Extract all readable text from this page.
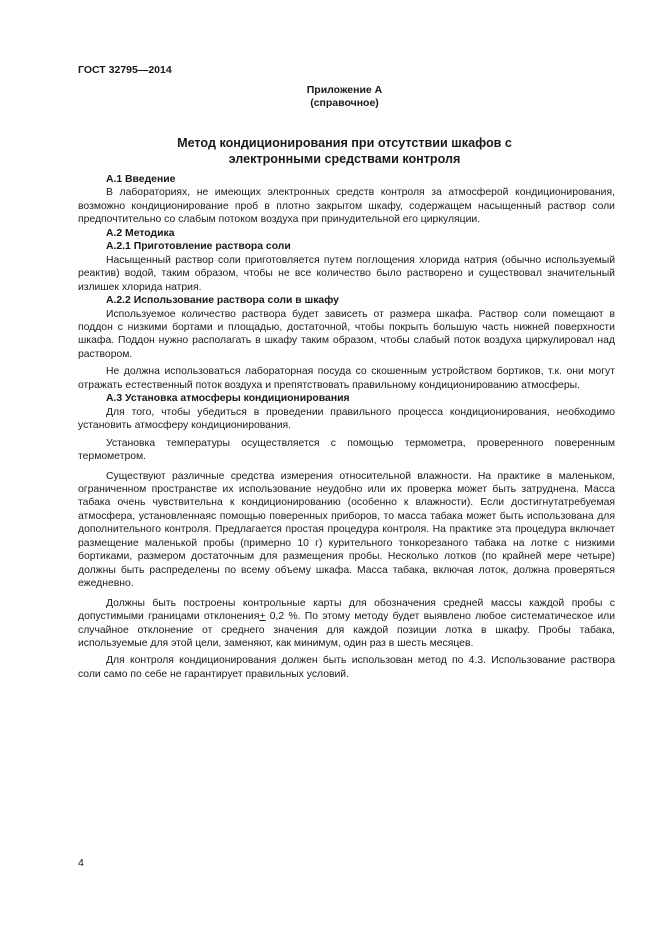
ГОСТ 32795—2014
Приложение А
(справочное)
Метод кондиционирования при отсутствии шкафов с
электронными средствами контроля

А.1 Введение

В лабораториях, не имеющих электронных средств контроля за атмосферой кондиционирования, возможно кондиционирование проб в плотно закрытом шкафу, содержащем насыщенный раствор соли предпочтительно со слабым потоком воздуха при принудительной его циркуляции.

А.2 Методика

А.2.1 Приготовление раствора соли

Насыщенный раствор соли приготовляется путем поглощения хлорида натрия (обычно используемый реактив) водой, таким образом, чтобы не все количество было растворено и существовал значительный излишек хлорида натрия.

А.2.2 Использование раствора соли в шкафу

Используемое количество раствора будет зависеть от размера шкафа. Раствор соли помещают в поддон с низкими бортами и площадью, достаточной, чтобы покрыть большую часть нижней поверхности шкафа. Поддон нужно располагать в шкафу таким образом, чтобы слабый поток воздуха циркулировал над раствором.

Не должна использоваться лабораторная посуда со скошенным устройством бортиков, т.к. они могут отражать естественный поток воздуха и препятствовать правильному кондиционированию атмосферы.

А.3 Установка атмосферы кондиционирования

Для того, чтобы убедиться в проведении правильного процесса кондиционирования, необходимо установить атмосферу кондиционирования.

Установка температуры осуществляется с помощью термометра, проверенного поверенным термометром.

Существуют различные средства измерения относительной влажности. На практике в маленьком, ограниченном пространстве их использование неудобно или их проверка может быть затруднена. Масса табака очень чувствительна к кондиционированию (особенно к влажности). Если достигнутатребуемая атмосфера, установленнаяс помощью поверенных приборов, то масса табака может быть использована для дополнительного контроля. Предлагается простая процедура контроля. На практике эта процедура включает размещение маленькой пробы (примерно 10 г) курительного тонкорезаного табака на лотке с низкими бортиками, размером достаточным для размещения пробы. Несколько лотков (по крайней мере четыре) должны быть распределены по всему объему шкафа. Масса табака, включая лоток, должна проверяться ежедневно.

Должны быть построены контрольные карты для обозначения средней массы каждой пробы с допустимыми границами отклонения+ 0,2 %. По этому методу будет выявлено любое систематическое или случайное отклонение от среднего значения для каждой позиции лотка в шкафу. Пробы табака, используемые для этой цели, заменяют, как минимум, один раз в шесть месяцев.

Для контроля кондиционирования должен быть использован метод по 4.3. Использование раствора соли само по себе не гарантирует правильных условий.

4
